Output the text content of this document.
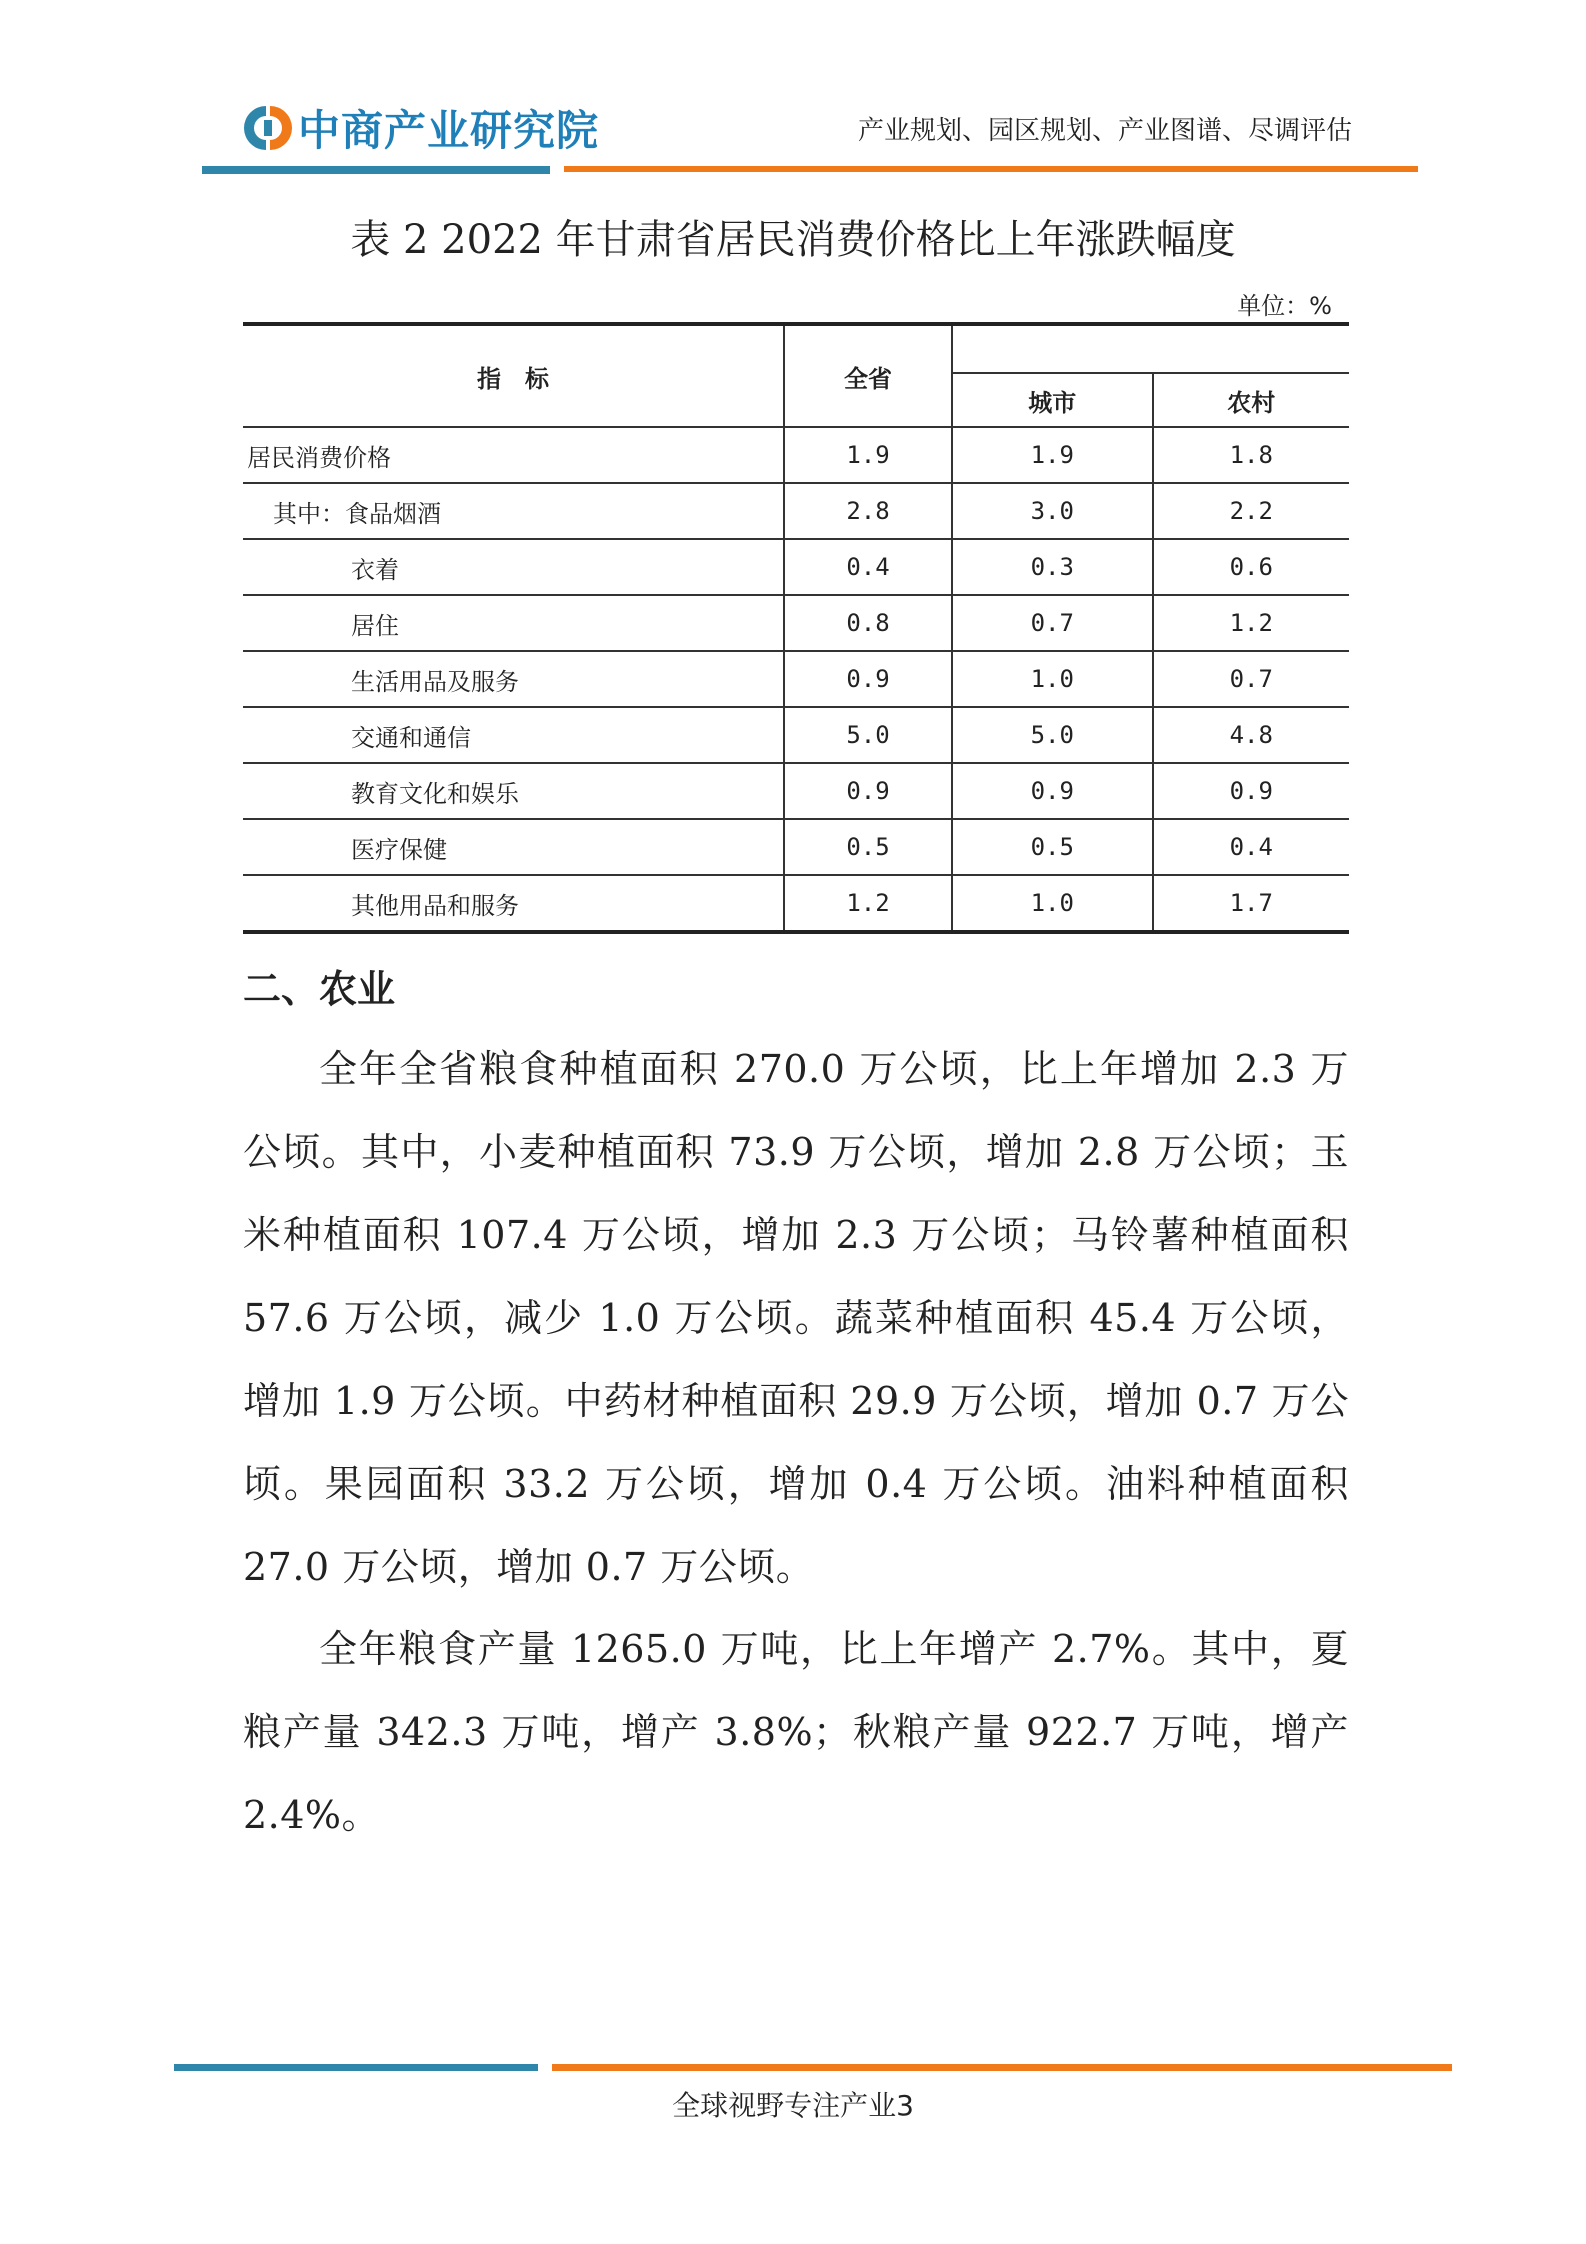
中商产业研究院	产业规划、园区规划、产业图谱、尽调评估
表 2 2022 年甘肃省居民消费价格比上年涨跌幅度
单位：%
指　标	全省		
		城市	农村
居民消费价格	1.9	1.9	1.8
其中：食品烟酒	2.8	3.0	2.2
衣着	0.4	0.3	0.6
居住	0.8	0.7	1.2
生活用品及服务	0.9	1.0	0.7
交通和通信	5.0	5.0	4.8
教育文化和娱乐	0.9	0.9	0.9
医疗保健	0.5	0.5	0.4
其他用品和服务	1.2	1.0	1.7
二、农业

全年全省粮食种植面积 270.0 万公顷，比上年增加 2.3 万公顷。其中，小麦种植面积 73.9 万公顷，增加 2.8 万公顷；玉米种植面积 107.4 万公顷，增加 2.3 万公顷；马铃薯种植面积 57.6 万公顷，减少 1.0 万公顷。蔬菜种植面积 45.4 万公顷，增加 1.9 万公顷。中药材种植面积 29.9 万公顷，增加 0.7 万公顷。果园面积 33.2 万公顷，增加 0.4 万公顷。油料种植面积 27.0 万公顷，增加 0.7 万公顷。

全年粮食产量 1265.0 万吨，比上年增产 2.7%。其中，夏粮产量 342.3 万吨，增产 3.8%；秋粮产量 922.7 万吨，增产 2.4%。

全球视野专注产业3
